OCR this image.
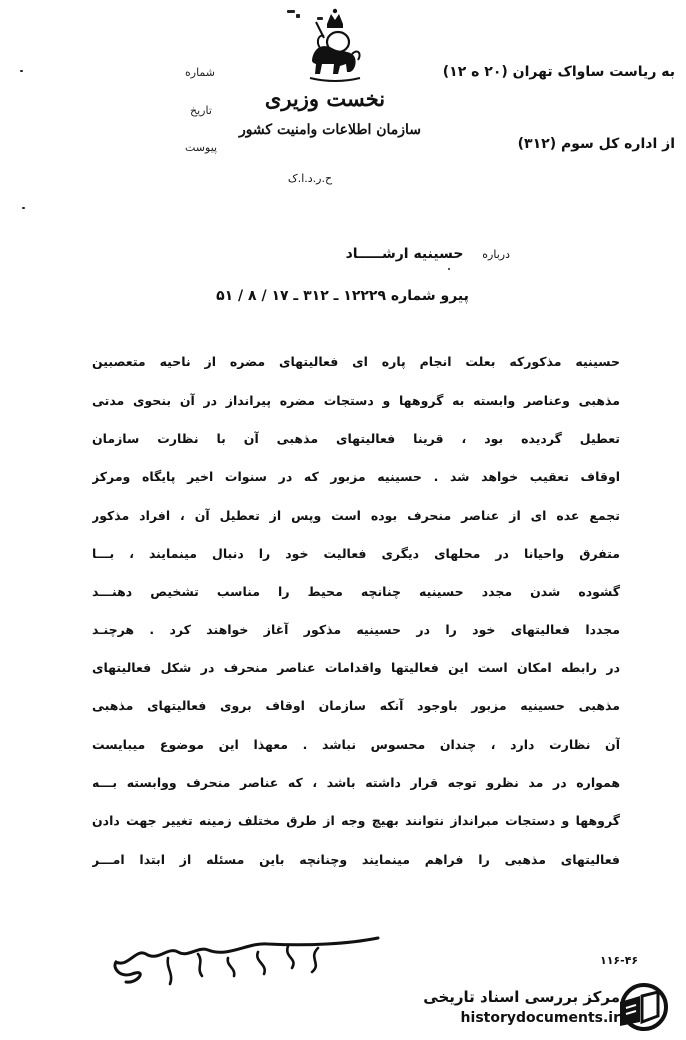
نخست وزیری
سازمان اطلاعات وامنیت کشور
ح.ر.د.ا.ک
شماره
تاریخ
پیوست
به ریاست ساواک تهران (۲۰ ه ۱۲)
از اداره کل سوم (۳۱۲)
درباره حسینیه ارشـــــاد
پیرو شماره ۱۲۲۲۹ ـ ۳۱۲ ـ ۱۷ / ۸ / ۵۱
حسینیه مذکورکه بعلت انجام پاره ای فعالیتهای مضره از ناحیه متعصبین
مذهبی وعناصر وابسته به گروهها و دستجات مضره پیرانداز در آن بنحوی مدتی
تعطیل گردیده بود ، قرینا فعالیتهای مذهبی آن با نظارت سازمان
اوقاف تعقیب خواهد شد . حسینیه مزبور که در سنوات اخیر پایگاه ومرکز
تجمع عده ای از عناصر منحرف بوده است وپس از تعطیل آن ، افراد مذکور
متفرق واحیانا در محلهای دیگری فعالیت خود را دنبال مینمایند ، بـــا
گشوده شدن مجدد حسینیه چنانچه محیط را مناسب تشخیص دهنـــد
مجددا فعالیتهای خود را در حسینیه مذکور آغاز خواهند کرد . هرچنـد
در رابطه امکان است این فعالیتها واقدامات عناصر منحرف در شکل فعالیتهای
مذهبی حسینیه مزبور باوجود آنکه سازمان اوقاف بروی فعالیتهای مذهبی
آن نظارت دارد ، چندان محسوس نباشد . معهذا این موضوع میبایست
همواره در مد نظرو توجه قرار داشته باشد ، که عناصر منحرف ووابسته بـــه
گروهها و دستجات مبرانداز نتوانند بهیچ وجه از طرق مختلف زمینه تغییر جهت دادن
فعالیتهای مذهبی را فراهم مینمایند وچنانچه باین مسئله از ابتدا امـــر
۱۱۶-۴۶
مرکز بررسی اسناد تاریخی
historydocuments.ir
